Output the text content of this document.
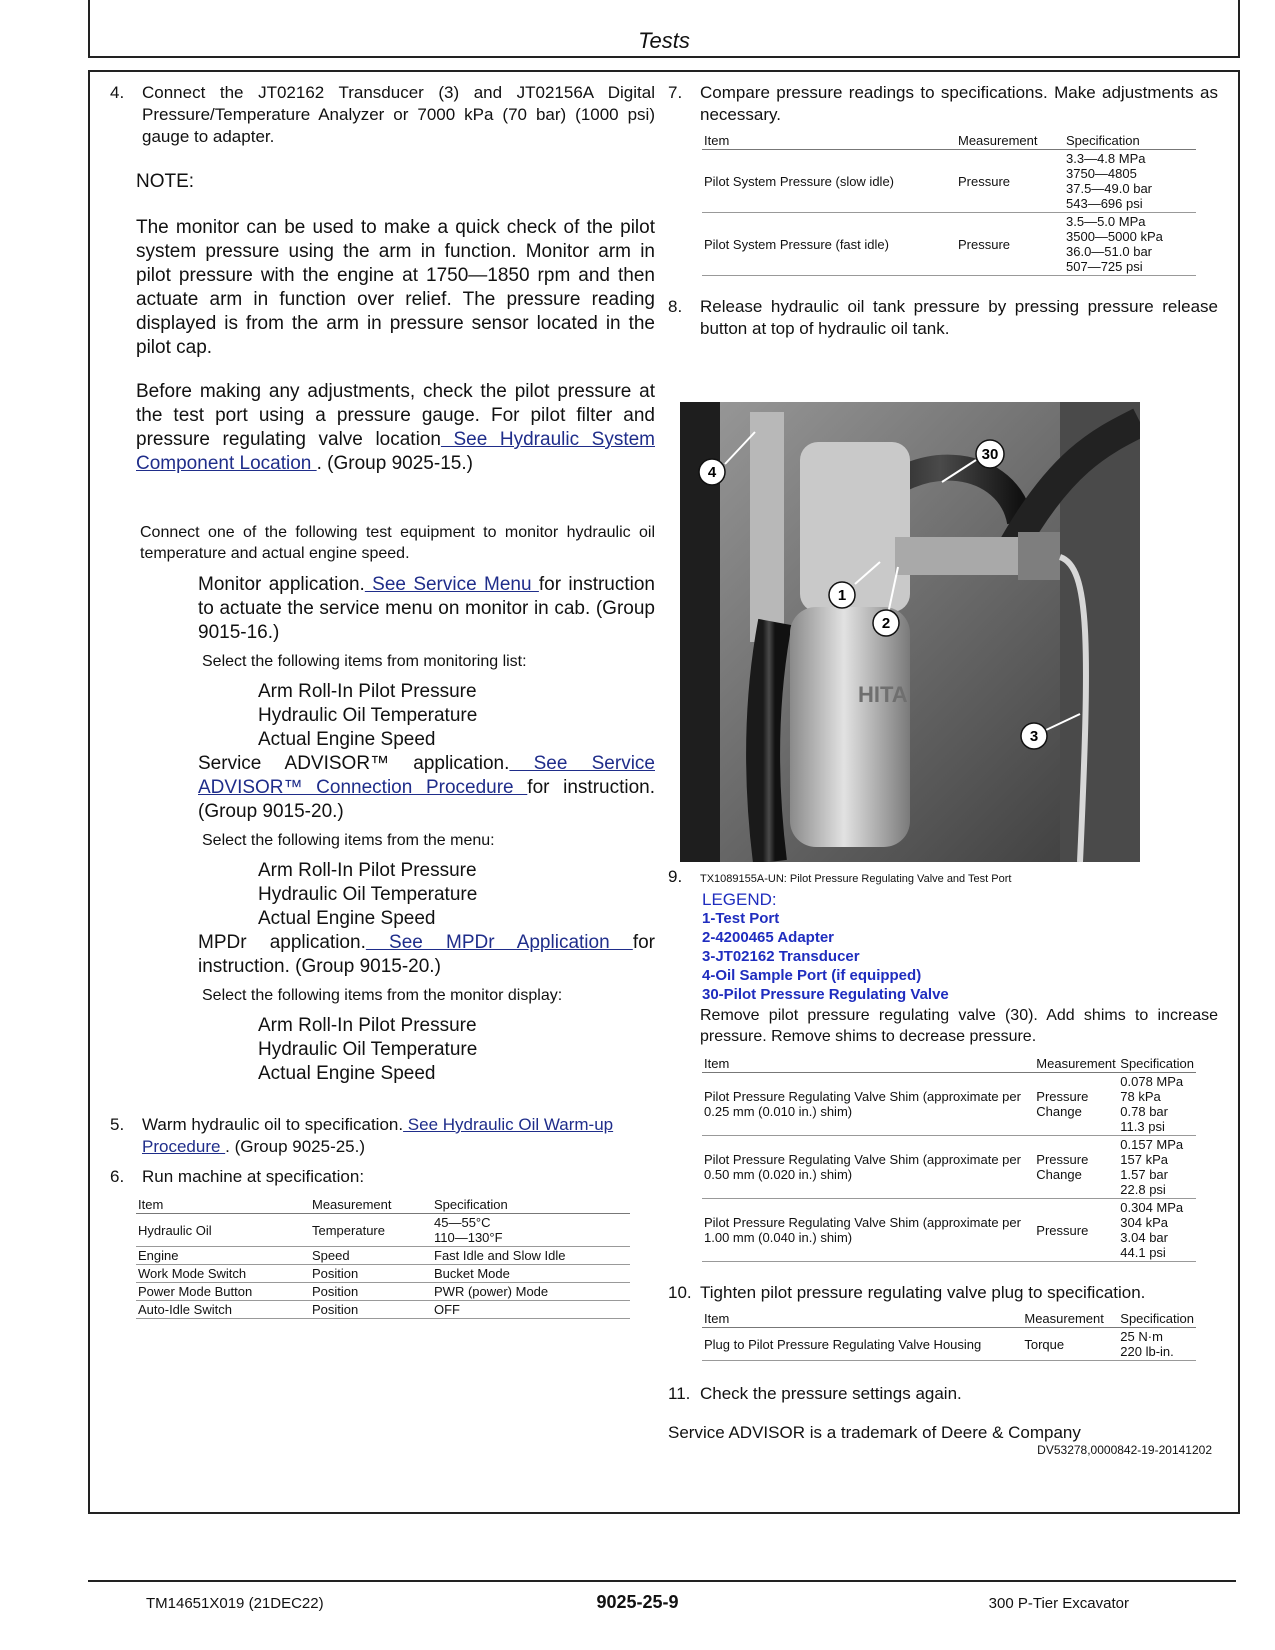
Tests
4. Connect the JT02162 Transducer (3) and JT02156A Digital Pressure/Temperature Analyzer or 7000 kPa (70 bar) (1000 psi) gauge to adapter.
NOTE:
The monitor can be used to make a quick check of the pilot system pressure using the arm in function. Monitor arm in pilot pressure with the engine at 1750—1850 rpm and then actuate arm in function over relief. The pressure reading displayed is from the arm in pressure sensor located in the pilot cap.
Before making any adjustments, check the pilot pressure at the test port using a pressure gauge. For pilot filter and pressure regulating valve location See Hydraulic System Component Location . (Group 9025-15.)
Connect one of the following test equipment to monitor hydraulic oil temperature and actual engine speed.
Monitor application. See Service Menu for instruction to actuate the service menu on monitor in cab. (Group 9015-16.)
Select the following items from monitoring list:
Arm Roll-In Pilot Pressure
Hydraulic Oil Temperature
Actual Engine Speed
Service ADVISOR™ application. See Service ADVISOR™ Connection Procedure for instruction. (Group 9015-20.)
Select the following items from the menu:
Arm Roll-In Pilot Pressure
Hydraulic Oil Temperature
Actual Engine Speed
MPDr application. See MPDr Application for instruction. (Group 9015-20.)
Select the following items from the monitor display:
Arm Roll-In Pilot Pressure
Hydraulic Oil Temperature
Actual Engine Speed
5. Warm hydraulic oil to specification. See Hydraulic Oil Warm-up Procedure . (Group 9025-25.)
6. Run machine at specification:
Item	Measurement	Specification
Hydraulic Oil	Temperature	45—55°C
110—130°F

Engine	Speed	Fast Idle and Slow Idle
Work Mode Switch	Position	Bucket Mode
Power Mode Button	Position	PWR (power) Mode
Auto-Idle Switch	Position	OFF
7. Compare pressure readings to specifications. Make adjustments as necessary.
Item	Measurement	Specification
Pilot System Pressure (slow idle)	Pressure	3.3—4.8 MPa
3750—4805
37.5—49.0 bar
543—696 psi

Pilot System Pressure (fast idle)	Pressure	3.5—5.0 MPa
3500—5000 kPa
36.0—51.0 bar
507—725 psi
8. Release hydraulic oil tank pressure by pressing pressure release button at top of hydraulic oil tank.
HITA
4
30
1
2
3
9. TX1089155A-UN: Pilot Pressure Regulating Valve and Test Port
LEGEND:
1-Test Port
2-4200465 Adapter
3-JT02162 Transducer
4-Oil Sample Port (if equipped)
30-Pilot Pressure Regulating Valve
Remove pilot pressure regulating valve (30). Add shims to increase pressure. Remove shims to decrease pressure.
Item	Measurement	Specification
Pilot Pressure Regulating Valve Shim (approximate per 0.25 mm (0.010 in.) shim)	Pressure Change	0.078 MPa
78 kPa
0.78 bar
11.3 psi

Pilot Pressure Regulating Valve Shim (approximate per 0.50 mm (0.020 in.) shim)	Pressure Change	0.157 MPa
157 kPa
1.57 bar
22.8 psi

Pilot Pressure Regulating Valve Shim (approximate per 1.00 mm (0.040 in.) shim)	Pressure	0.304 MPa
304 kPa
3.04 bar
44.1 psi
10. Tighten pilot pressure regulating valve plug to specification.
Item	Measurement	Specification
Plug to Pilot Pressure Regulating Valve Housing	Torque	25 N·m
220 lb-in.
11. Check the pressure settings again.
Service ADVISOR is a trademark of Deere & Company
DV53278,0000842-19-20141202
TM14651X019 (21DEC22)	9025-25-9	300 P-Tier Excavator
